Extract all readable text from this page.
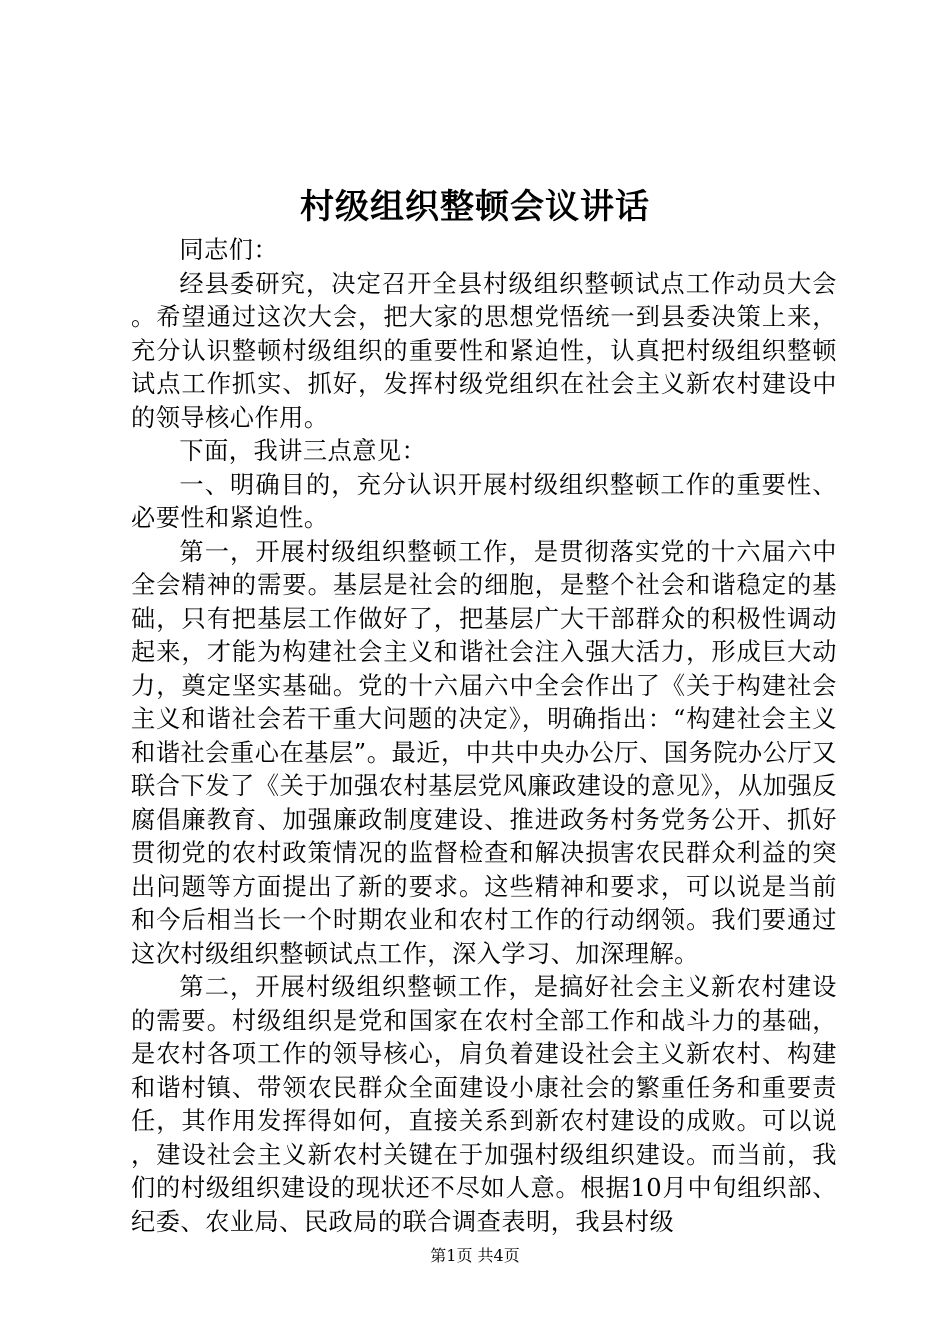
村级组织整顿会议讲话

同志们：

经县委研究，决定召开全县村级组织整顿试点工作动员大会。希望通过这次大会，把大家的思想党悟统一到县委决策上来，充分认识整顿村级组织的重要性和紧迫性，认真把村级组织整顿试点工作抓实、抓好，发挥村级党组织在社会主义新农村建设中的领导核心作用。

下面，我讲三点意见：

一、明确目的，充分认识开展村级组织整顿工作的重要性、必要性和紧迫性。

第一，开展村级组织整顿工作，是贯彻落实党的十六届六中全会精神的需要。基层是社会的细胞，是整个社会和谐稳定的基础，只有把基层工作做好了，把基层广大干部群众的积极性调动起来，才能为构建社会主义和谐社会注入强大活力，形成巨大动力，奠定坚实基础。党的十六届六中全会作出了《关于构建社会主义和谐社会若干重大问题的决定》，明确指出：“构建社会主义和谐社会重心在基层”。最近，中共中央办公厅、国务院办公厅又联合下发了《关于加强农村基层党风廉政建设的意见》，从加强反腐倡廉教育、加强廉政制度建设、推进政务村务党务公开、抓好贯彻党的农村政策情况的监督检查和解决损害农民群众利益的突出问题等方面提出了新的要求。这些精神和要求，可以说是当前和今后相当长一个时期农业和农村工作的行动纲领。我们要通过这次村级组织整顿试点工作，深入学习、加深理解。

第二，开展村级组织整顿工作，是搞好社会主义新农村建设的需要。村级组织是党和国家在农村全部工作和战斗力的基础，是农村各项工作的领导核心，肩负着建设社会主义新农村、构建和谐村镇、带领农民群众全面建设小康社会的繁重任务和重要责任，其作用发挥得如何，直接关系到新农村建设的成败。可以说，建设社会主义新农村关键在于加强村级组织建设。而当前，我们的村级组织建设的现状还不尽如人意。根据10月中旬组织部、纪委、农业局、民政局的联合调查表明，我县村级

第1页 共4页
